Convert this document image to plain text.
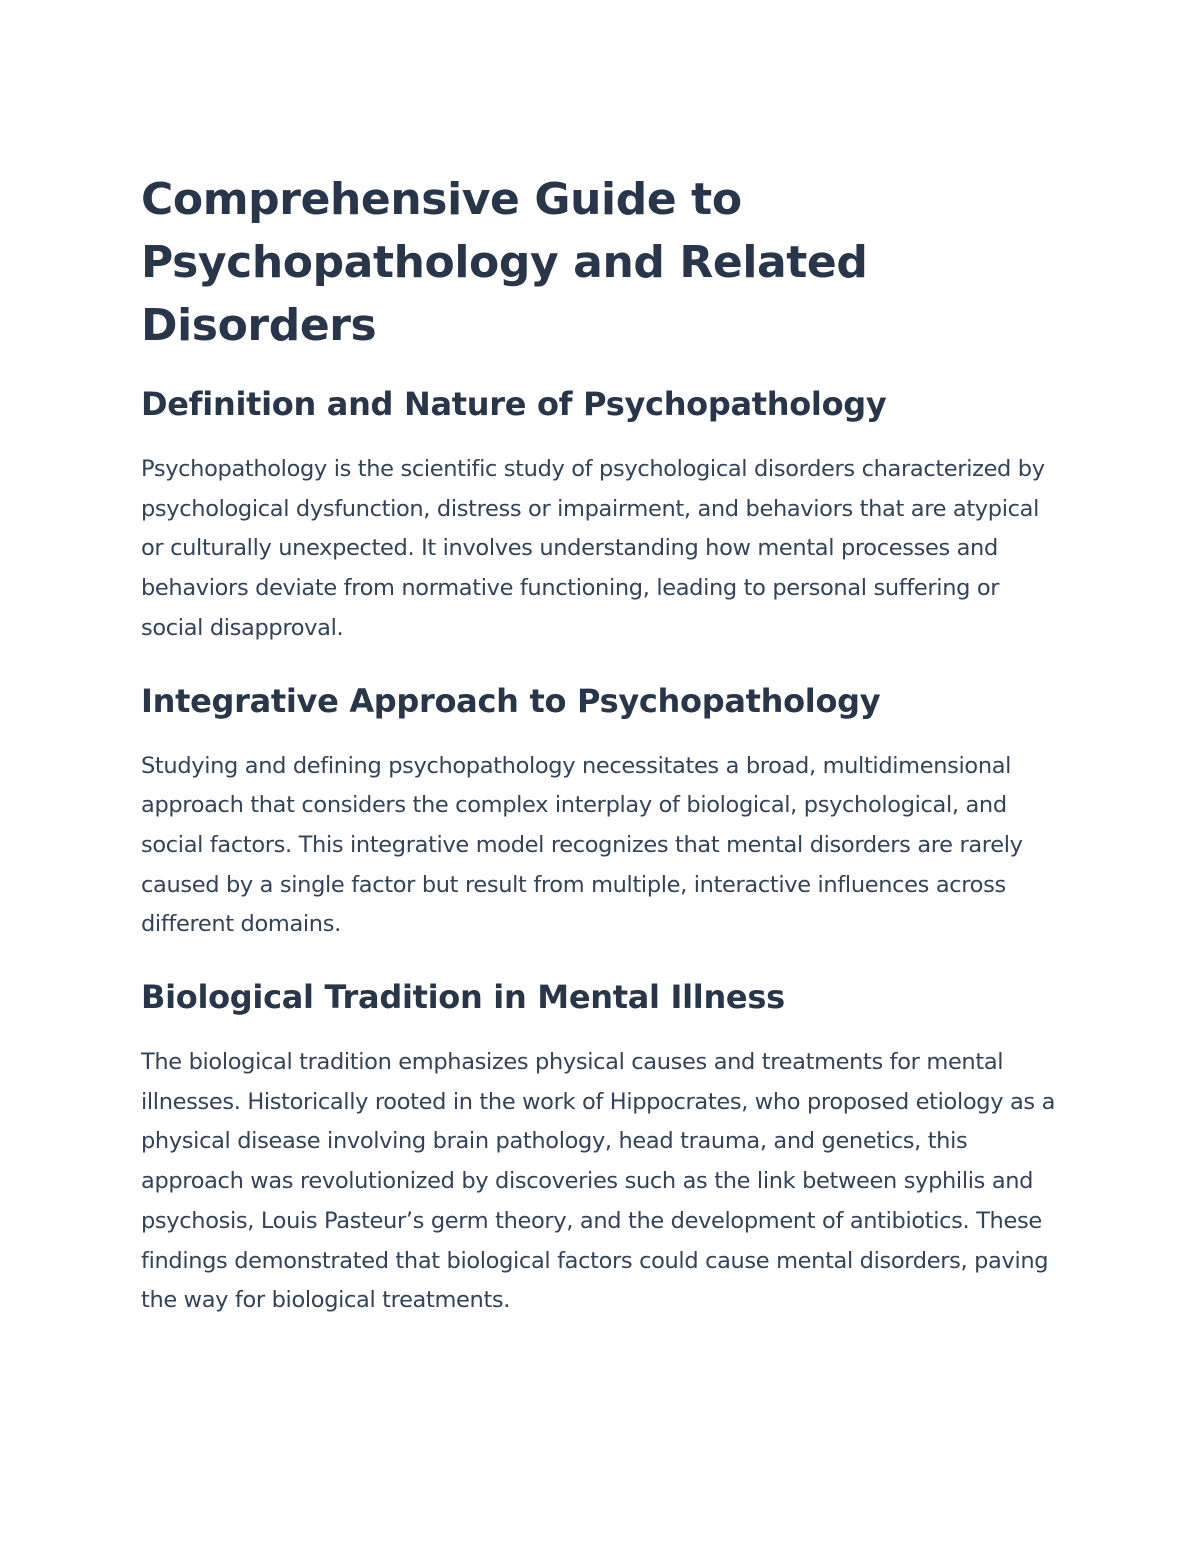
Comprehensive Guide to Psychopathology and Related Disorders
Definition and Nature of Psychopathology

Psychopathology is the scientific study of psychological disorders characterized by psychological dysfunction, distress or impairment, and behaviors that are atypical or culturally unexpected. It involves understanding how mental processes and behaviors deviate from normative functioning, leading to personal suffering or social disapproval.

Integrative Approach to Psychopathology

Studying and defining psychopathology necessitates a broad, multidimensional approach that considers the complex interplay of biological, psychological, and social factors. This integrative model recognizes that mental disorders are rarely caused by a single factor but result from multiple, interactive influences across different domains.

Biological Tradition in Mental Illness

The biological tradition emphasizes physical causes and treatments for mental illnesses. Historically rooted in the work of Hippocrates, who proposed etiology as a physical disease involving brain pathology, head trauma, and genetics, this approach was revolutionized by discoveries such as the link between syphilis and psychosis, Louis Pasteur’s germ theory, and the development of antibiotics. These findings demonstrated that biological factors could cause mental disorders, paving the way for biological treatments.
